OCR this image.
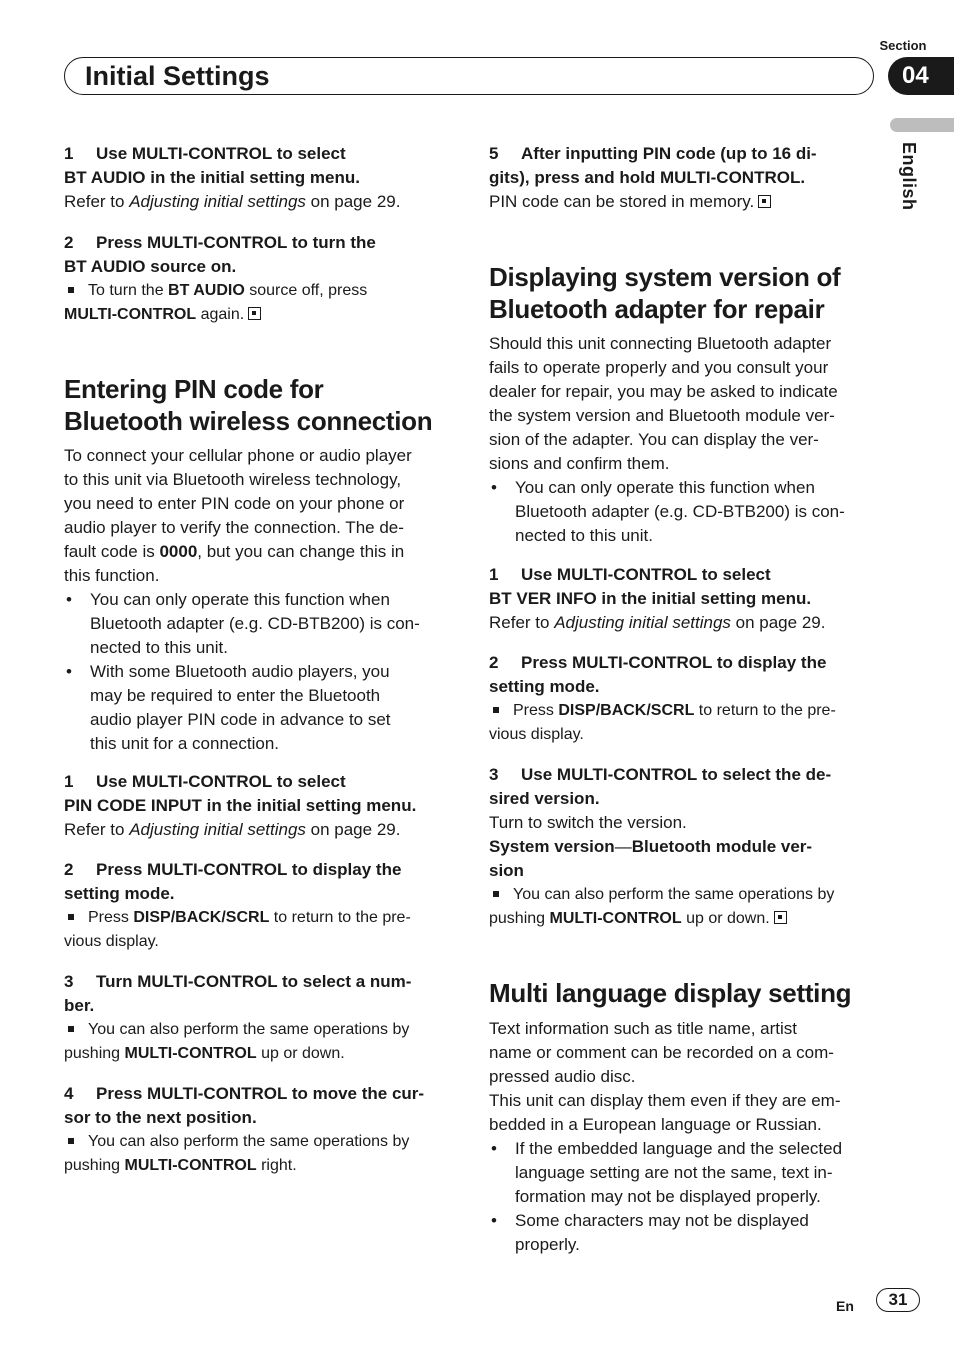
Section
Initial Settings	04
English
1 Use MULTI-CONTROL to select
BT AUDIO in the initial setting menu.
Refer to Adjusting initial settings on page 29.
2 Press MULTI-CONTROL to turn the
BT AUDIO source on.
To turn the BT AUDIO source off, press
MULTI-CONTROL again.
Entering PIN code for
Bluetooth wireless connection
To connect your cellular phone or audio player
to this unit via Bluetooth wireless technology,
you need to enter PIN code on your phone or
audio player to verify the connection. The de-
fault code is 0000, but you can change this in
this function.
• You can only operate this function when
Bluetooth adapter (e.g. CD-BTB200) is con-
nected to this unit.
• With some Bluetooth audio players, you
may be required to enter the Bluetooth
audio player PIN code in advance to set
this unit for a connection.
1 Use MULTI-CONTROL to select
PIN CODE INPUT in the initial setting menu.
Refer to Adjusting initial settings on page 29.
2 Press MULTI-CONTROL to display the
setting mode.
Press DISP/BACK/SCRL to return to the pre-
vious display.
3 Turn MULTI-CONTROL to select a num-
ber.
You can also perform the same operations by
pushing MULTI-CONTROL up or down.
4 Press MULTI-CONTROL to move the cur-
sor to the next position.
You can also perform the same operations by
pushing MULTI-CONTROL right.
5 After inputting PIN code (up to 16 di-
gits), press and hold MULTI-CONTROL.
PIN code can be stored in memory.
Displaying system version of
Bluetooth adapter for repair
Should this unit connecting Bluetooth adapter
fails to operate properly and you consult your
dealer for repair, you may be asked to indicate
the system version and Bluetooth module ver-
sion of the adapter. You can display the ver-
sions and confirm them.
• You can only operate this function when
Bluetooth adapter (e.g. CD-BTB200) is con-
nected to this unit.
1 Use MULTI-CONTROL to select
BT VER INFO in the initial setting menu.
Refer to Adjusting initial settings on page 29.
2 Press MULTI-CONTROL to display the
setting mode.
Press DISP/BACK/SCRL to return to the pre-
vious display.
3 Use MULTI-CONTROL to select the de-
sired version.
Turn to switch the version.
System version—Bluetooth module ver-
sion
You can also perform the same operations by
pushing MULTI-CONTROL up or down.
Multi language display setting
Text information such as title name, artist
name or comment can be recorded on a com-
pressed audio disc.
This unit can display them even if they are em-
bedded in a European language or Russian.
• If the embedded language and the selected
language setting are not the same, text in-
formation may not be displayed properly.
• Some characters may not be displayed
properly.
En	31
